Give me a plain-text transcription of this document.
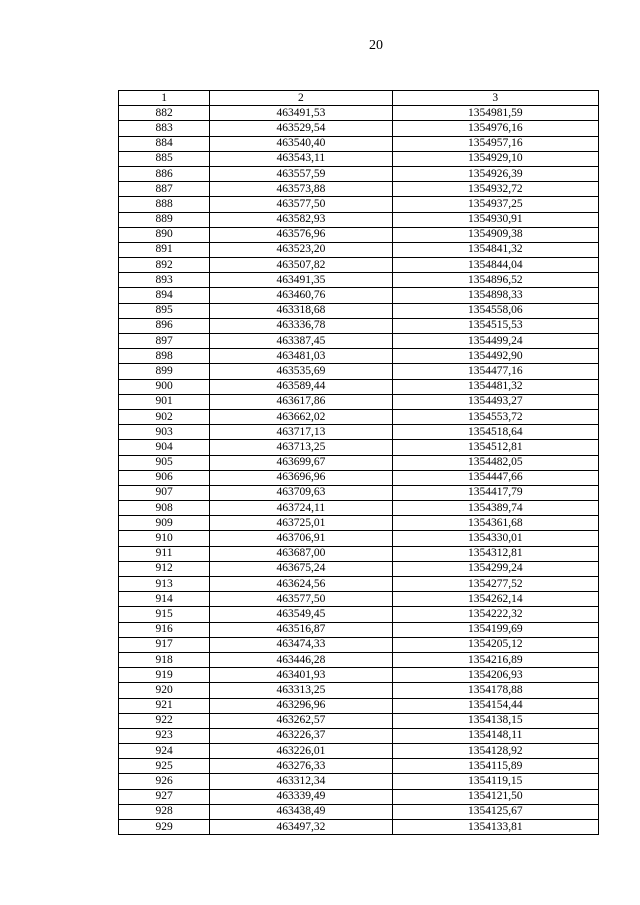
20
1	2	3
882	463491,53	1354981,59
883	463529,54	1354976,16
884	463540,40	1354957,16
885	463543,11	1354929,10
886	463557,59	1354926,39
887	463573,88	1354932,72
888	463577,50	1354937,25
889	463582,93	1354930,91
890	463576,96	1354909,38
891	463523,20	1354841,32
892	463507,82	1354844,04
893	463491,35	1354896,52
894	463460,76	1354898,33
895	463318,68	1354558,06
896	463336,78	1354515,53
897	463387,45	1354499,24
898	463481,03	1354492,90
899	463535,69	1354477,16
900	463589,44	1354481,32
901	463617,86	1354493,27
902	463662,02	1354553,72
903	463717,13	1354518,64
904	463713,25	1354512,81
905	463699,67	1354482,05
906	463696,96	1354447,66
907	463709,63	1354417,79
908	463724,11	1354389,74
909	463725,01	1354361,68
910	463706,91	1354330,01
911	463687,00	1354312,81
912	463675,24	1354299,24
913	463624,56	1354277,52
914	463577,50	1354262,14
915	463549,45	1354222,32
916	463516,87	1354199,69
917	463474,33	1354205,12
918	463446,28	1354216,89
919	463401,93	1354206,93
920	463313,25	1354178,88
921	463296,96	1354154,44
922	463262,57	1354138,15
923	463226,37	1354148,11
924	463226,01	1354128,92
925	463276,33	1354115,89
926	463312,34	1354119,15
927	463339,49	1354121,50
928	463438,49	1354125,67
929	463497,32	1354133,81
